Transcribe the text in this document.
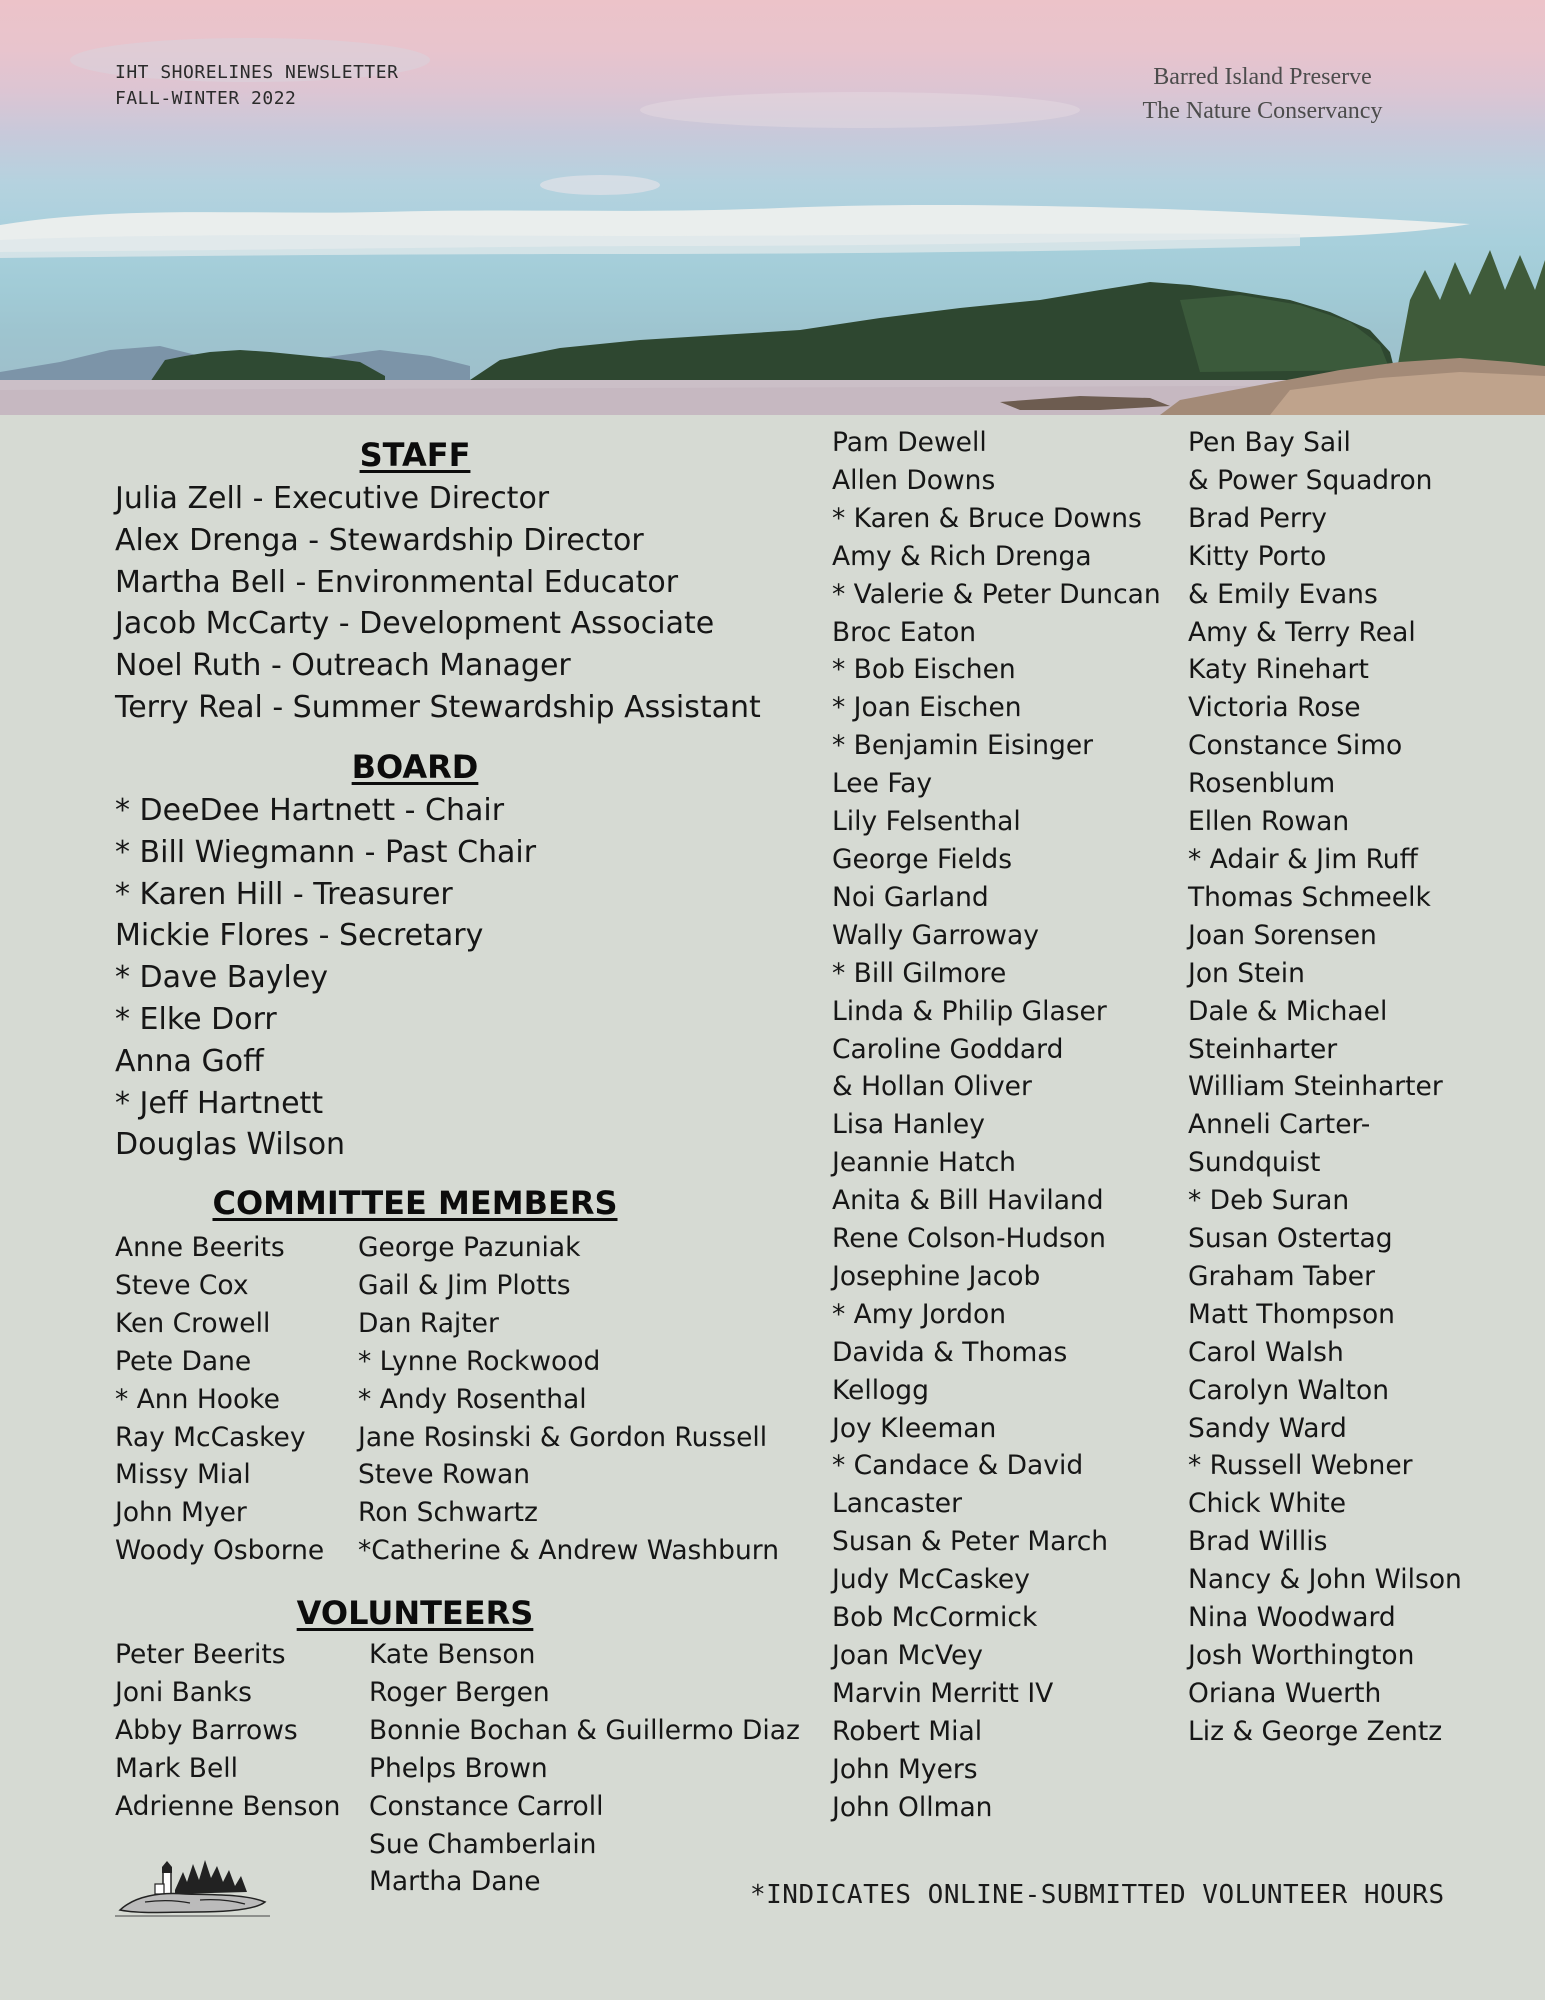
IHT SHORELINES NEWSLETTER
FALL-WINTER 2022
Barred Island Preserve
The Nature Conservancy
STAFF
Julia Zell - Executive Director
Alex Drenga - Stewardship Director
Martha Bell - Environmental Educator
Jacob McCarty - Development Associate
Noel Ruth - Outreach Manager
Terry Real - Summer Stewardship Assistant
BOARD
* DeeDee Hartnett - Chair
* Bill Wiegmann - Past Chair
* Karen Hill - Treasurer
Mickie Flores - Secretary
* Dave Bayley
* Elke Dorr
Anna Goff
* Jeff Hartnett
Douglas Wilson
COMMITTEE MEMBERS
Anne Beerits
Steve Cox
Ken Crowell
Pete Dane
* Ann Hooke
Ray McCaskey
Missy Mial
John Myer
Woody Osborne
George Pazuniak
Gail & Jim Plotts
Dan Rajter
* Lynne Rockwood
* Andy Rosenthal
Jane Rosinski & Gordon Russell
Steve Rowan
Ron Schwartz
*Catherine & Andrew Washburn
VOLUNTEERS
Peter Beerits
Joni Banks
Abby Barrows
Mark Bell
Adrienne Benson
Kate Benson
Roger Bergen
Bonnie Bochan & Guillermo Diaz
Phelps Brown
Constance Carroll
Sue Chamberlain
Martha Dane
Pam Dewell
Allen Downs
* Karen & Bruce Downs
Amy & Rich Drenga
* Valerie & Peter Duncan
Broc Eaton
* Bob Eischen
* Joan Eischen
* Benjamin Eisinger
Lee Fay
Lily Felsenthal
George Fields
Noi Garland
Wally Garroway
* Bill Gilmore
Linda & Philip Glaser
Caroline Goddard
& Hollan Oliver
Lisa Hanley
Jeannie Hatch
Anita & Bill Haviland
Rene Colson-Hudson
Josephine Jacob
* Amy Jordon
Davida & Thomas
Kellogg
Joy Kleeman
* Candace & David
Lancaster
Susan & Peter March
Judy McCaskey
Bob McCormick
Joan McVey
Marvin Merritt IV
Robert Mial
John Myers
John Ollman
Pen Bay Sail
& Power Squadron
Brad Perry
Kitty Porto
& Emily Evans
Amy & Terry Real
Katy Rinehart
Victoria Rose
Constance Simo
Rosenblum
Ellen Rowan
* Adair & Jim Ruff
Thomas Schmeelk
Joan Sorensen
Jon Stein
Dale & Michael
Steinharter
William Steinharter
Anneli Carter-
Sundquist
* Deb Suran
Susan Ostertag
Graham Taber
Matt Thompson
Carol Walsh
Carolyn Walton
Sandy Ward
* Russell Webner
Chick White
Brad Willis
Nancy & John Wilson
Nina Woodward
Josh Worthington
Oriana Wuerth
Liz & George Zentz
*INDICATES ONLINE-SUBMITTED VOLUNTEER HOURS
